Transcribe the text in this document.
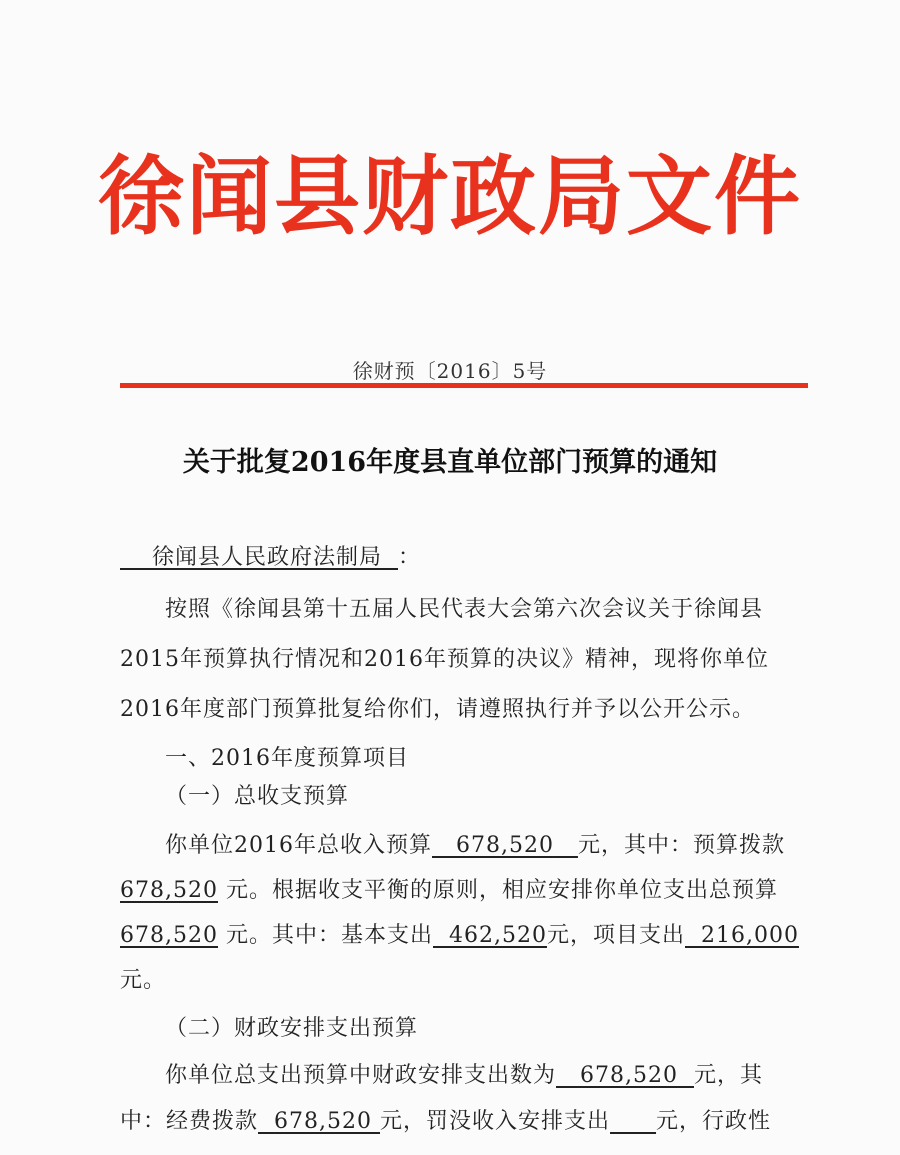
徐闻县财政局文件
徐财预〔2016〕5号
关于批复2016年度县直单位部门预算的通知
徐闻县人民政府法制局 ：
按照《徐闻县第十五届人民代表大会第六次会议关于徐闻县
2015年预算执行情况和2016年预算的决议》精神，现将你单位
2016年度部门预算批复给你们，请遵照执行并予以公开公示。
一、2016年度预算项目
（一）总收支预算
你单位2016年总收入预算 678,520 元，其中：预算拨款
678,520 元。根据收支平衡的原则，相应安排你单位支出总预算
678,520 元。其中：基本支出 462,520元，项目支出 216,000
元。
（二）财政安排支出预算
你单位总支出预算中财政安排支出数为 678,520 元，其
中：经费拨款 678,520 元，罚没收入安排支出　　 元，行政性
